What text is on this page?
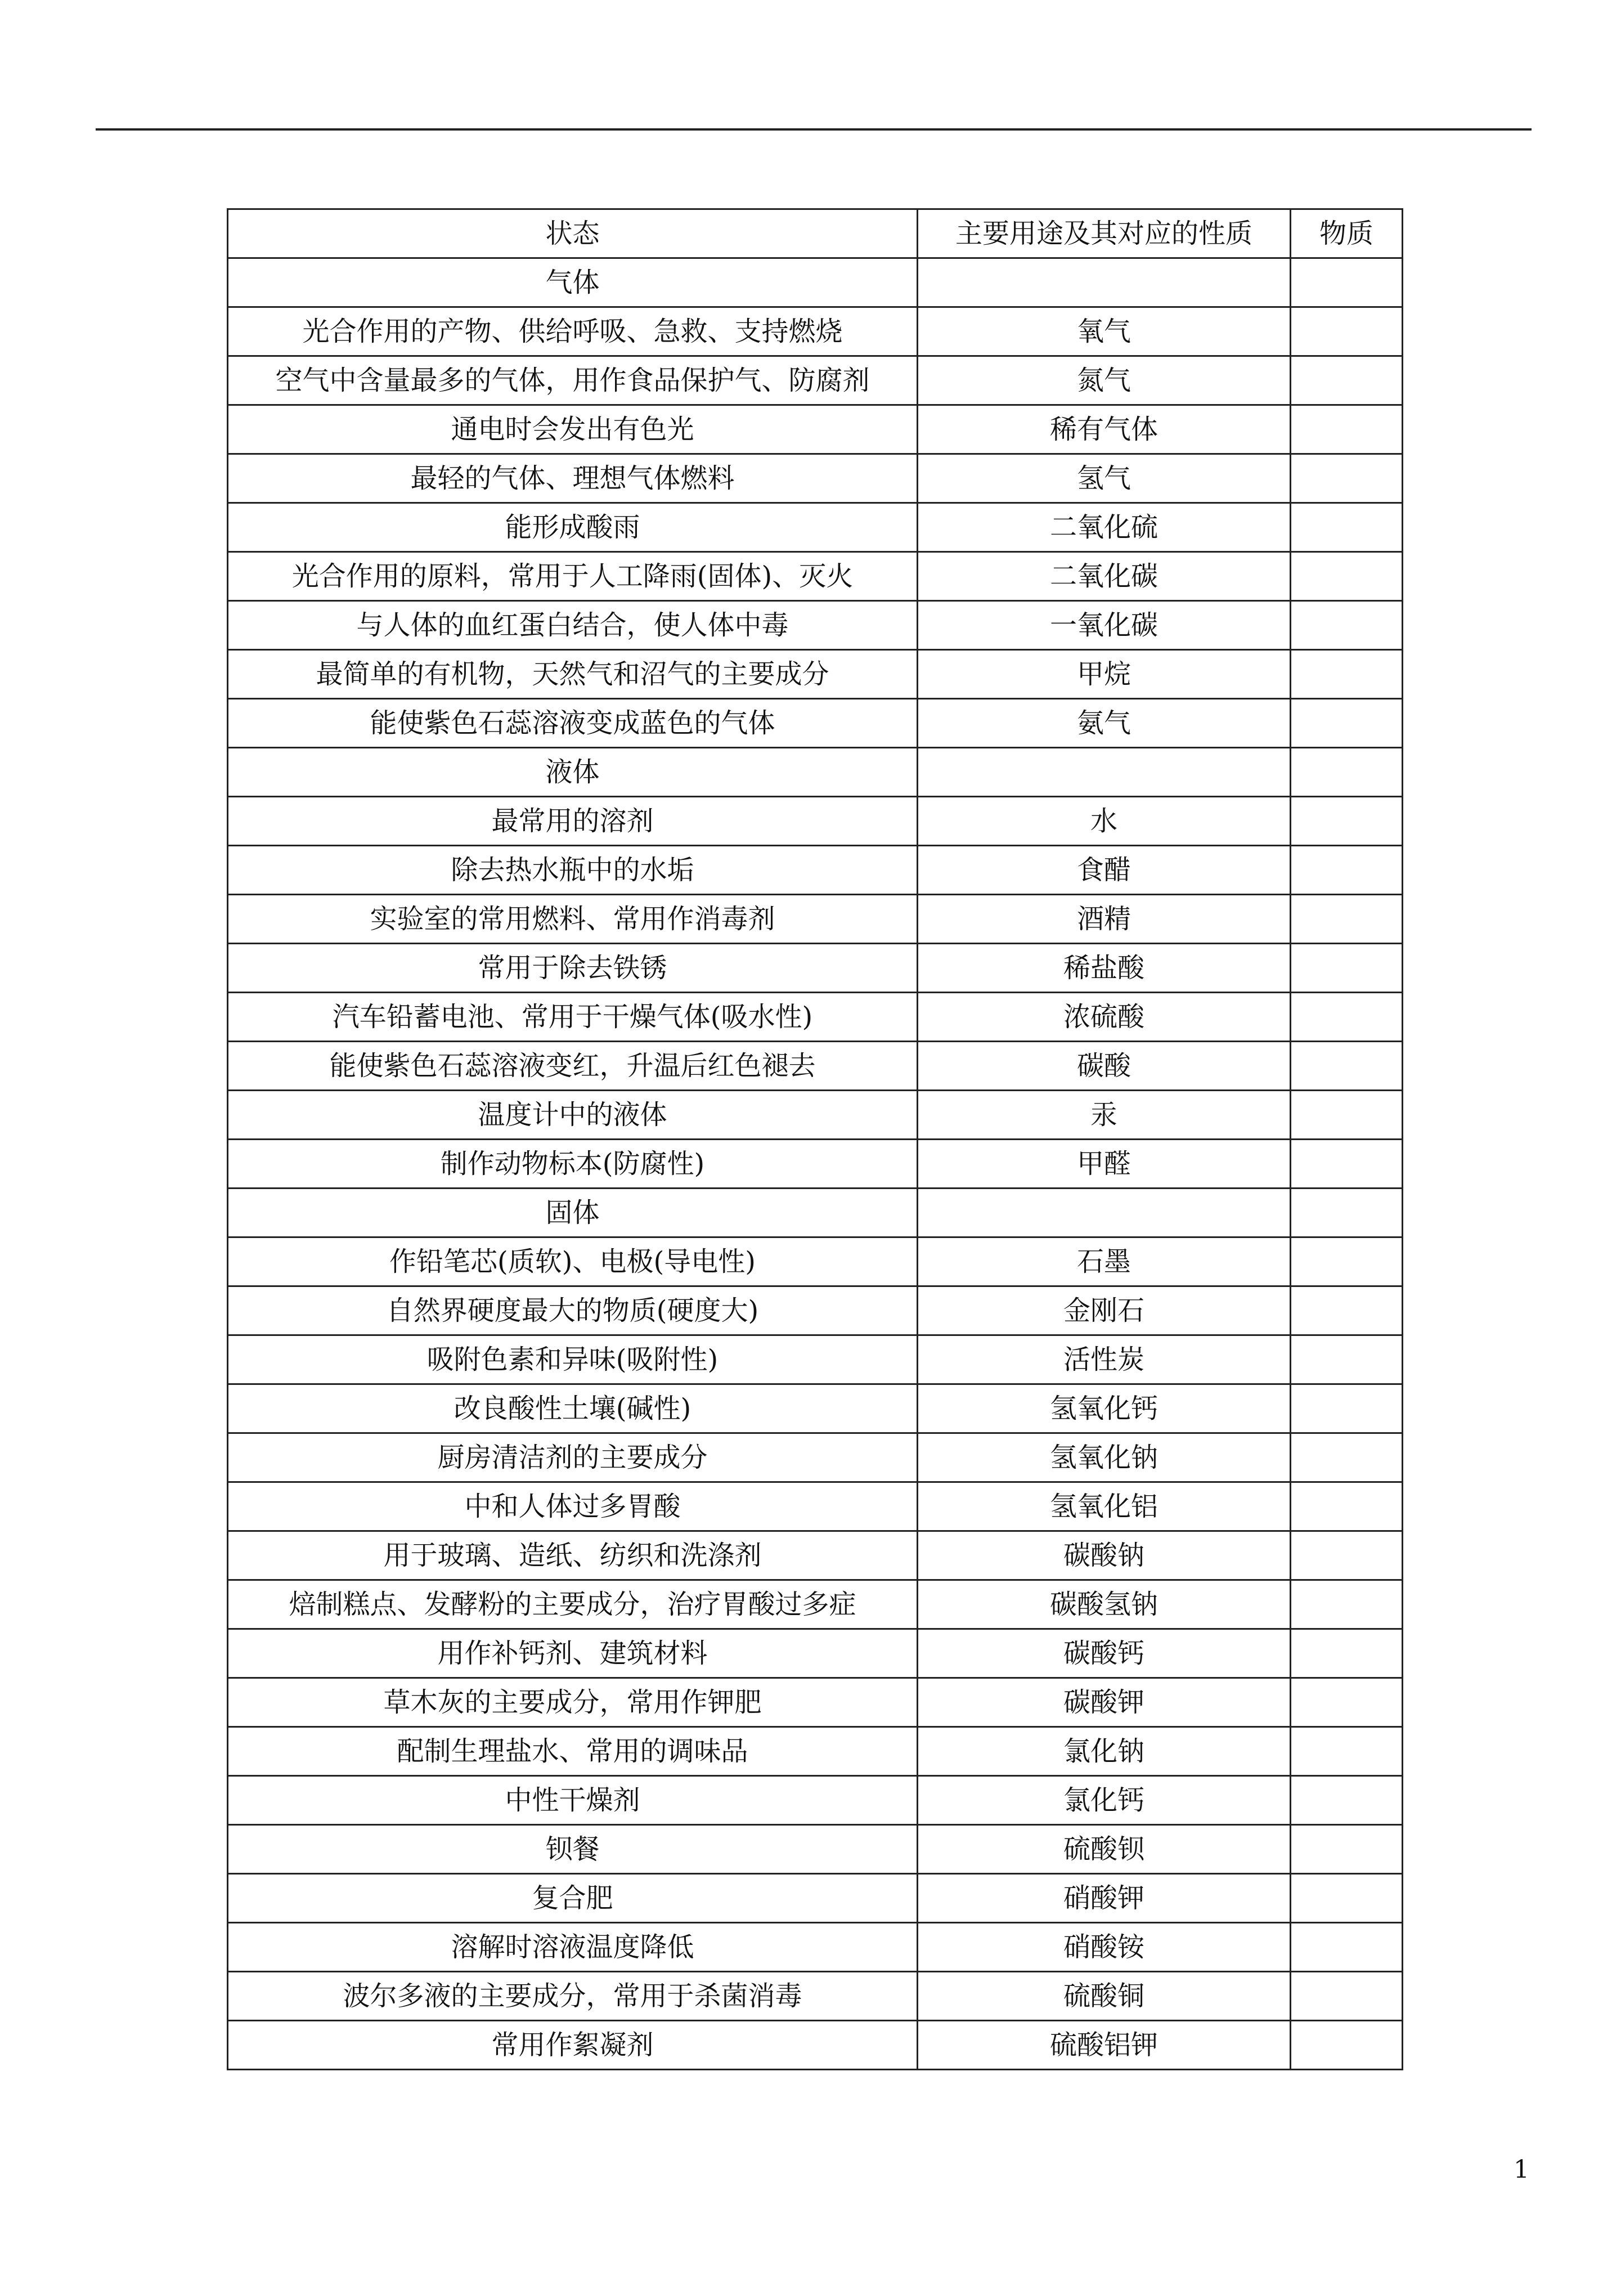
状态	主要用途及其对应的性质	物质
气体		
光合作用的产物、供给呼吸、急救、支持燃烧	氧气	
空气中含量最多的气体，用作食品保护气、防腐剂	氮气	
通电时会发出有色光	稀有气体	
最轻的气体、理想气体燃料	氢气	
能形成酸雨	二氧化硫	
光合作用的原料，常用于人工降雨(固体)、灭火	二氧化碳	
与人体的血红蛋白结合，使人体中毒	一氧化碳	
最简单的有机物，天然气和沼气的主要成分	甲烷	
能使紫色石蕊溶液变成蓝色的气体	氨气	
液体		
最常用的溶剂	水	
除去热水瓶中的水垢	食醋	
实验室的常用燃料、常用作消毒剂	酒精	
常用于除去铁锈	稀盐酸	
汽车铅蓄电池、常用于干燥气体(吸水性)	浓硫酸	
能使紫色石蕊溶液变红，升温后红色褪去	碳酸	
温度计中的液体	汞	
制作动物标本(防腐性)	甲醛	
固体		
作铅笔芯(质软)、电极(导电性)	石墨	
自然界硬度最大的物质(硬度大)	金刚石	
吸附色素和异味(吸附性)	活性炭	
改良酸性土壤(碱性)	氢氧化钙	
厨房清洁剂的主要成分	氢氧化钠	
中和人体过多胃酸	氢氧化铝	
用于玻璃、造纸、纺织和洗涤剂	碳酸钠	
焙制糕点、发酵粉的主要成分，治疗胃酸过多症	碳酸氢钠	
用作补钙剂、建筑材料	碳酸钙	
草木灰的主要成分，常用作钾肥	碳酸钾	
配制生理盐水、常用的调味品	氯化钠	
中性干燥剂	氯化钙	
钡餐	硫酸钡	
复合肥	硝酸钾	
溶解时溶液温度降低	硝酸铵	
波尔多液的主要成分，常用于杀菌消毒	硫酸铜	
常用作絮凝剂	硫酸铝钾	
1
